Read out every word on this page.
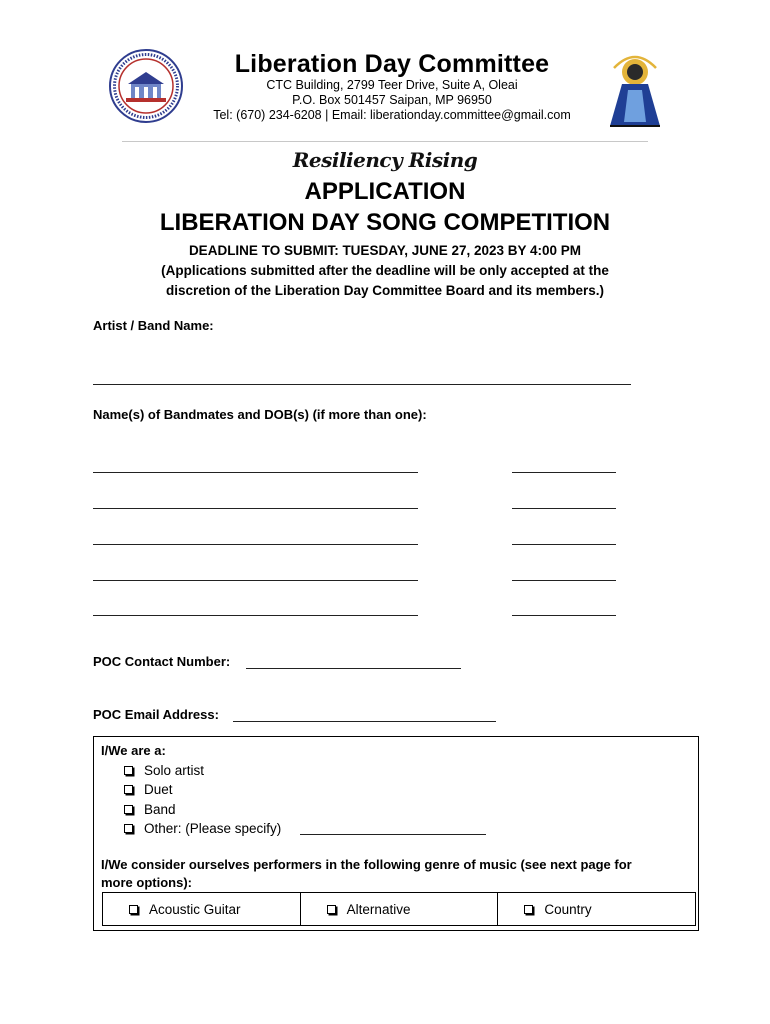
Liberation Day Committee
CTC Building, 2799 Teer Drive, Suite A, Oleai
P.O. Box 501457 Saipan, MP 96950
Tel: (670) 234-6208 | Email: liberationday.committee@gmail.com
Resiliency Rising
APPLICATION
LIBERATION DAY SONG COMPETITION
DEADLINE TO SUBMIT: TUESDAY, JUNE 27, 2023 BY 4:00 PM
(Applications submitted after the deadline will be only accepted at the
discretion of the Liberation Day Committee Board and its members.)
Artist / Band Name:
Name(s) of Bandmates and DOB(s) (if more than one):
POC Contact Number:
POC Email Address:
I/We are a:
Solo artist
Duet
Band
Other: (Please specify)
I/We consider ourselves performers in the following genre of music (see next page for
more options):
Acoustic Guitar	Alternative	Country
